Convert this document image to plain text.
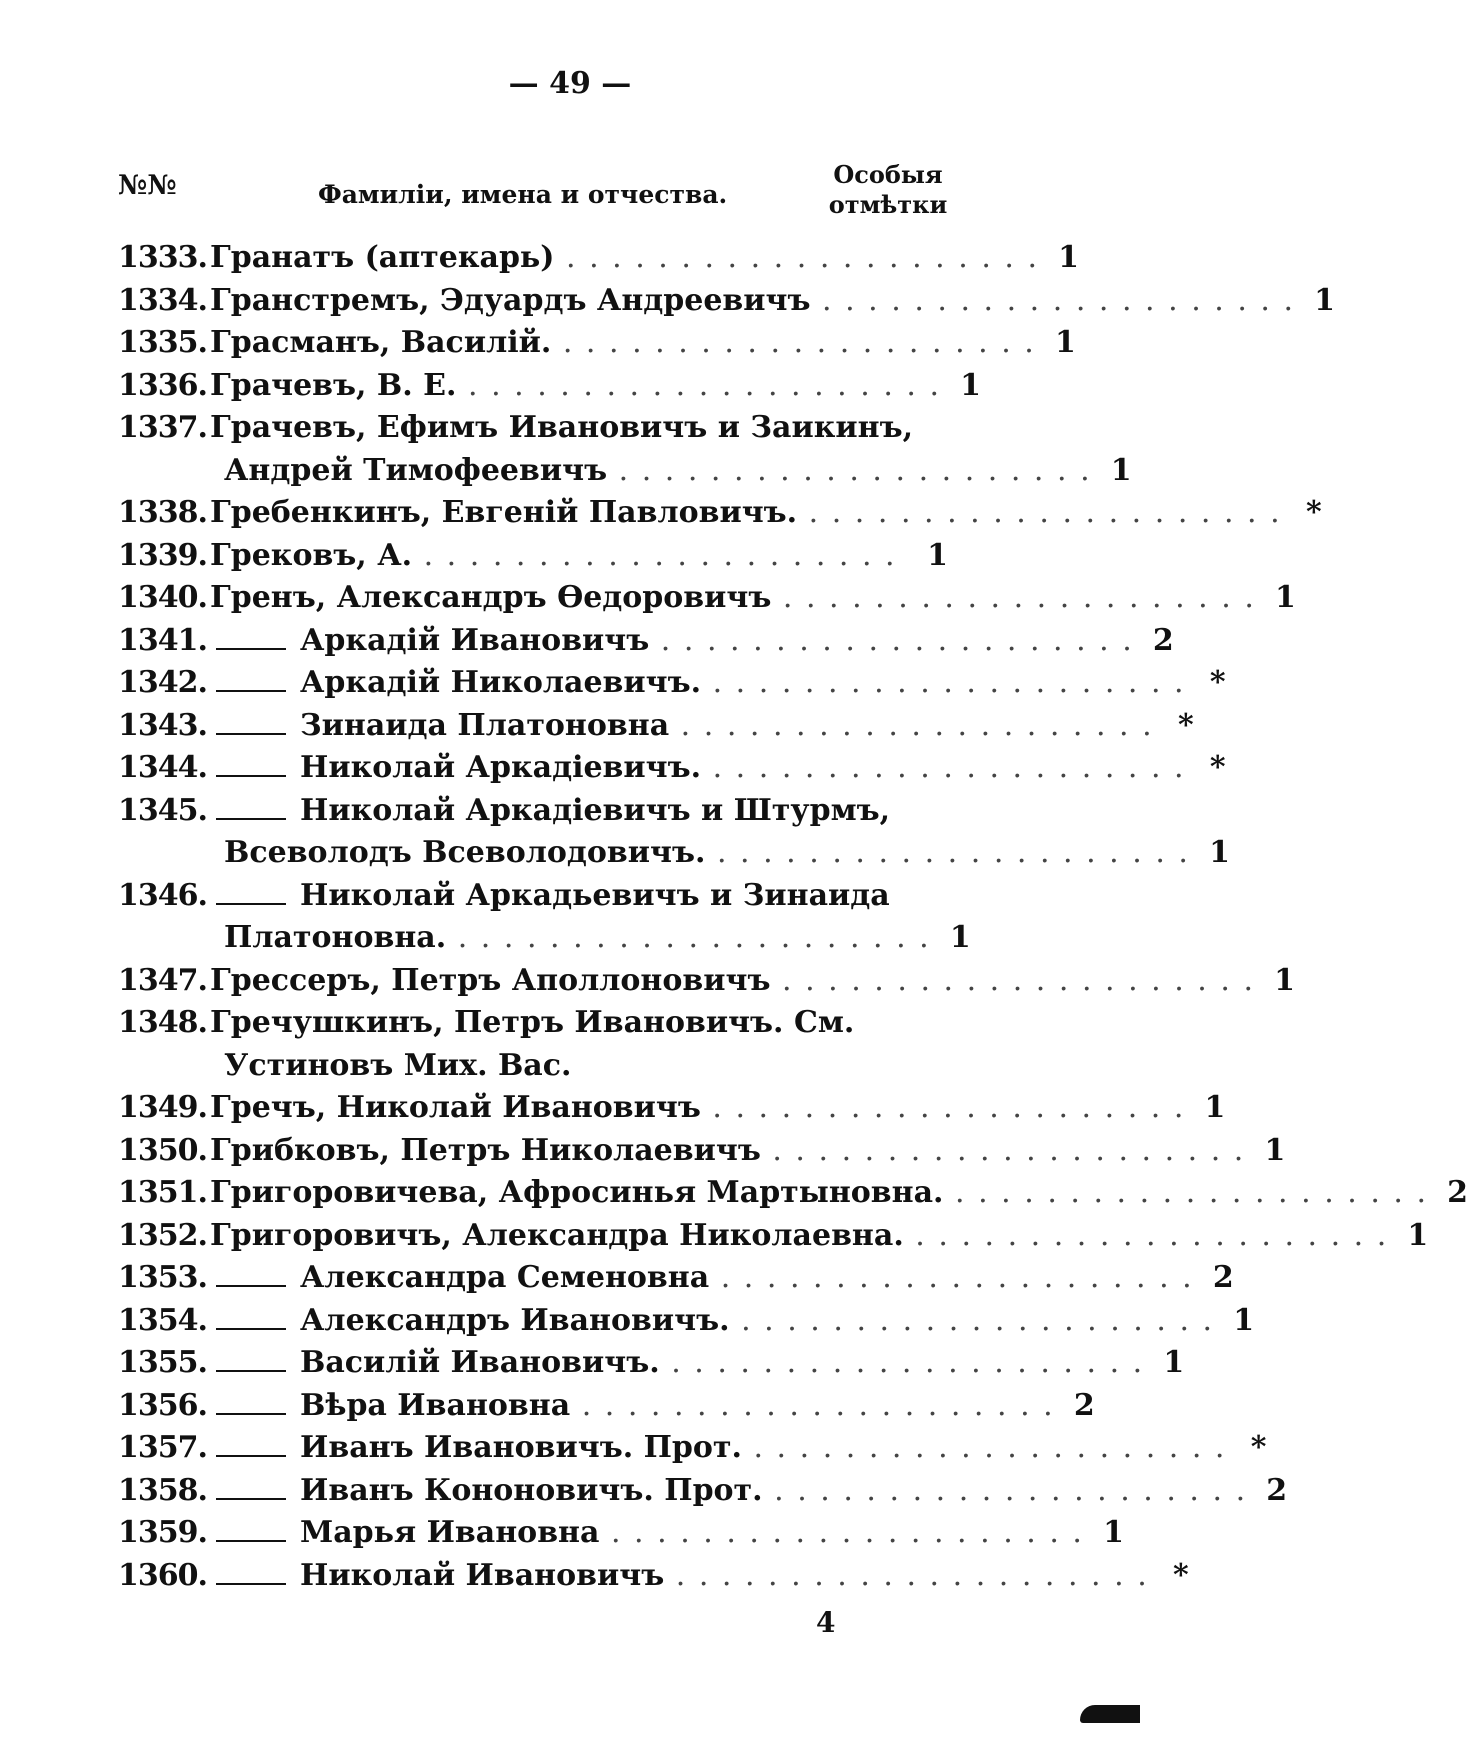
— 49 —
№№	Фамиліи, имена и отчества.
Особыя
отмѣтки
1333. Гранатъ (аптекарь) . . . . . . . . . . . . . . . . . . . . . 1
1334. Гранстремъ, Эдуардъ Андреевичъ . . . . . . . . . . . . . . . . . . . . . 1
1335. Грасманъ, Василій. . . . . . . . . . . . . . . . . . . . . . 1
1336. Грачевъ, В. Е. . . . . . . . . . . . . . . . . . . . . . 1
1337. Грачевъ, Ефимъ Ивановичъ и Заикинъ,
Андрей Тимофеевичъ . . . . . . . . . . . . . . . . . . . . . 1
1338. Гребенкинъ, Евгеній Павловичъ. . . . . . . . . . . . . . . . . . . . . . *
1339. Грековъ, А. . . . . . . . . . . . . . . . . . . . . .	1
1340. Гренъ, Александръ Ѳедоровичъ . . . . . . . . . . . . . . . . . . . . . 1
1341.	Аркадій Ивановичъ . . . . . . . . . . . . . . . . . . . . . 2
1342.	Аркадій Николаевичъ. . . . . . . . . . . . . . . . . . . . . . *
1343.	Зинаида Платоновна . . . . . . . . . . . . . . . . . . . . . *
1344.	Николай Аркадіевичъ. . . . . . . . . . . . . . . . . . . . . . *
1345.	Николай Аркадіевичъ и Штурмъ,
Всеволодъ Всеволодовичъ. . . . . . . . . . . . . . . . . . . . . . 1
1346.	Николай Аркадьевичъ и Зинаида
Платоновна. . . . . . . . . . . . . . . . . . . . . . 1
1347. Грессеръ, Петръ Аполлоновичъ . . . . . . . . . . . . . . . . . . . . . 1
1348. Гречушкинъ, Петръ Ивановичъ. См.
Устиновъ Мих. Вас.
1349. Гречъ, Николай Ивановичъ . . . . . . . . . . . . . . . . . . . . . 1
1350. Грибковъ, Петръ Николаевичъ . . . . . . . . . . . . . . . . . . . . . 1
1351. Григоровичева, Афросинья Мартыновна. . . . . . . . . . . . . . . . . . . . . . 2
1352. Григоровичъ, Александра Николаевна. . . . . . . . . . . . . . . . . . . . . . 1
1353.	Александра Семеновна . . . . . . . . . . . . . . . . . . . . . 2
1354.	Александръ Ивановичъ. . . . . . . . . . . . . . . . . . . . . . 1
1355.	Василій Ивановичъ. . . . . . . . . . . . . . . . . . . . . . 1
1356.	Вѣра Ивановна . . . . . . . . . . . . . . . . . . . . . 2
1357.	Иванъ Ивановичъ. Прот. . . . . . . . . . . . . . . . . . . . . . *
1358.	Иванъ Кононовичъ. Прот. . . . . . . . . . . . . . . . . . . . . . 2
1359.	Марья Ивановна . . . . . . . . . . . . . . . . . . . . . 1
1360.	Николай Ивановичъ . . . . . . . . . . . . . . . . . . . . . *
4
